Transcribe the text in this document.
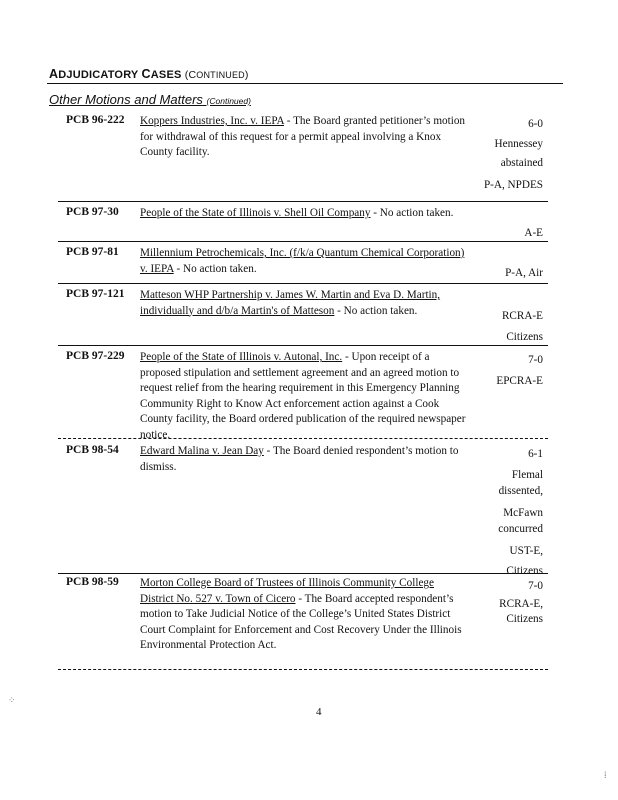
ADJUDICATORY CASES (CONTINUED)
Other Motions and Matters (Continued)
PCB 96-222 Koppers Industries, Inc. v. IEPA - The Board granted petitioner’s motion for withdrawal of this request for a permit appeal involving a Knox County facility.
6-0
Hennessey abstained
P-A, NPDES
PCB 97-30 People of the State of Illinois v. Shell Oil Company - No action taken.
A-E
PCB 97-81 Millennium Petrochemicals, Inc. (f/k/a Quantum Chemical Corporation) v. IEPA - No action taken.	P-A, Air
PCB 97-121 Matteson WHP Partnership v. James W. Martin and Eva D. Martin, individually and d/b/a Martin's of Matteson - No action taken.	RCRA-E
Citizens
PCB 97-229 People of the State of Illinois v. Autonal, Inc. - Upon receipt of a proposed stipulation and settlement agreement and an agreed motion to request relief from the hearing requirement in this Emergency Planning Community Right to Know Act enforcement action against a Cook County facility, the Board ordered publication of the required newspaper notice.
7-0
EPCRA-E
PCB 98-54 Edward Malina v. Jean Day - The Board denied respondent’s motion to dismiss.
6-1
Flemal dissented,
McFawn concurred
UST-E, Citizens
PCB 98-59 Morton College Board of Trustees of Illinois Community College District No. 527 v. Town of Cicero - The Board accepted respondent’s motion to Take Judicial Notice of the College’s United States District Court Complaint for Enforcement and Cost Recovery Under the Illinois Environmental Protection Act.
7-0
RCRA-E, Citizens
4
⁘
⁞
